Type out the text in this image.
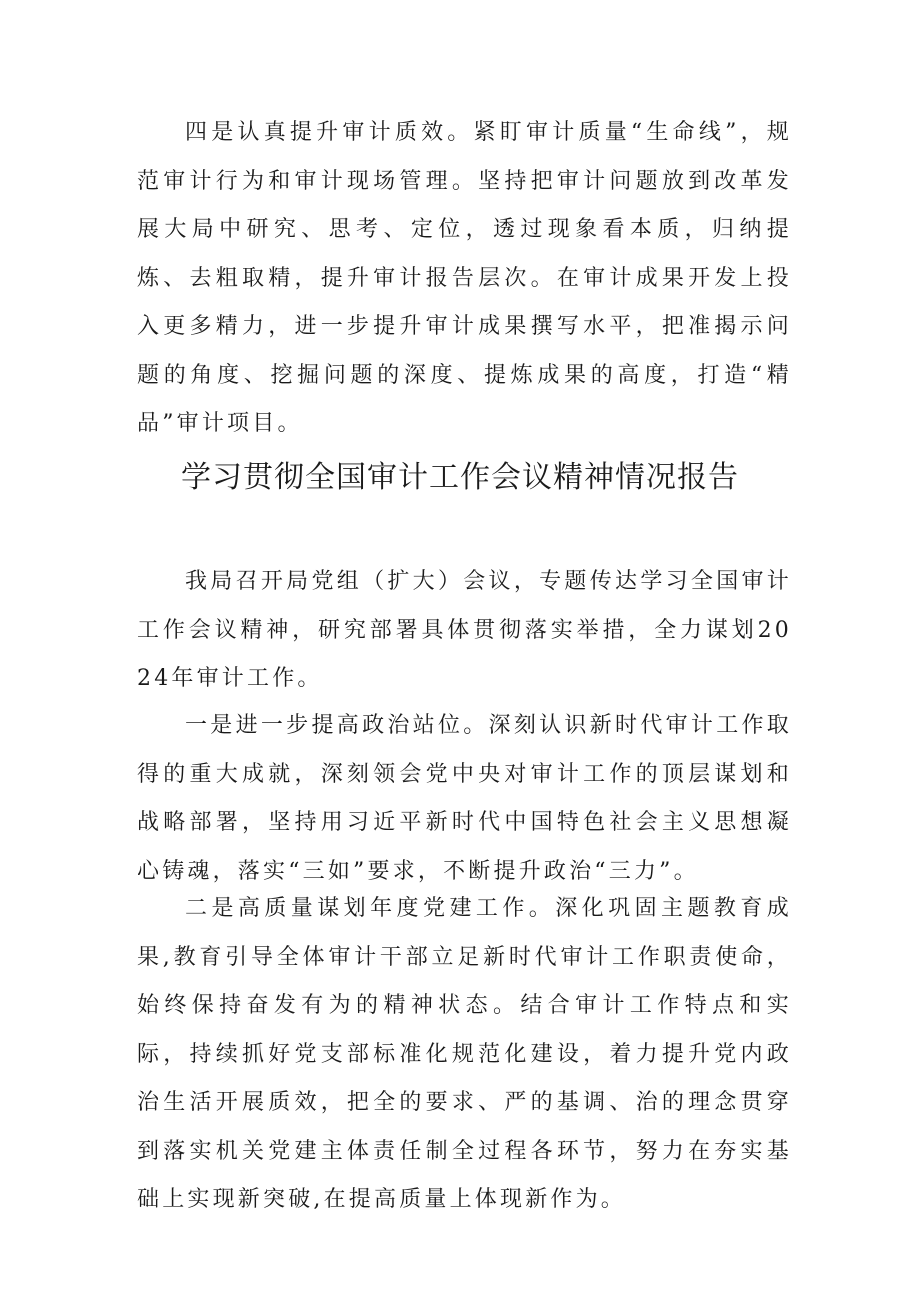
四是认真提升审计质效。紧盯审计质量“生命线”，规范审计行为和审计现场管理。坚持把审计问题放到改革发展大局中研究、思考、定位，透过现象看本质，归纳提炼、去粗取精，提升审计报告层次。在审计成果开发上投入更多精力，进一步提升审计成果撰写水平，把准揭示问题的角度、挖掘问题的深度、提炼成果的高度，打造“精品”审计项目。

学习贯彻全国审计工作会议精神情况报告

我局召开局党组（扩大）会议，专题传达学习全国审计工作会议精神，研究部署具体贯彻落实举措，全力谋划2024年审计工作。

一是进一步提高政治站位。深刻认识新时代审计工作取得的重大成就，深刻领会党中央对审计工作的顶层谋划和战略部署，坚持用习近平新时代中国特色社会主义思想凝心铸魂，落实“三如”要求，不断提升政治“三力”。

二是高质量谋划年度党建工作。深化巩固主题教育成果,教育引导全体审计干部立足新时代审计工作职责使命，始终保持奋发有为的精神状态。结合审计工作特点和实际，持续抓好党支部标准化规范化建设，着力提升党内政治生活开展质效，把全的要求、严的基调、治的理念贯穿到落实机关党建主体责任制全过程各环节，努力在夯实基础上实现新突破,在提高质量上体现新作为。
